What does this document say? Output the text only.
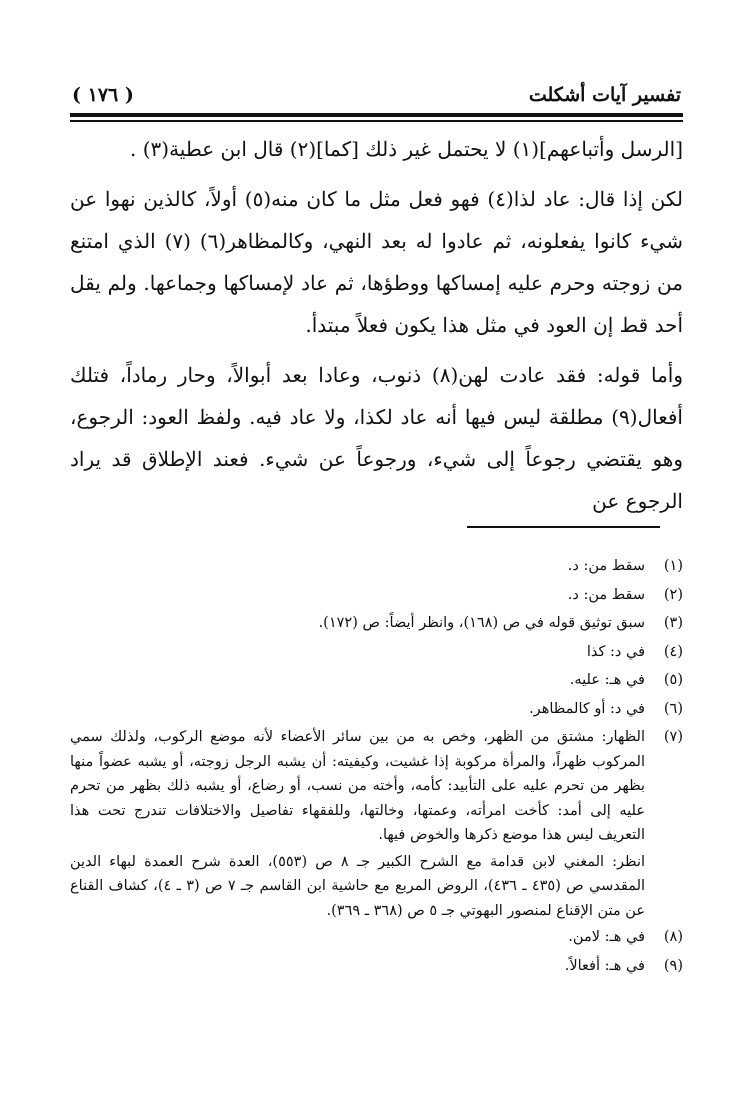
( ١٧٦ )	تفسير آيات أشكلت

[الرسل وأتباعهم](١) لا يحتمل غير ذلك [كما](٢) قال ابن عطية(٣) .

لكن إذا قال: عاد لذا(٤) فهو فعل مثل ما كان منه(٥) أولاً، كالذين نهوا عن شيء كانوا يفعلونه، ثم عادوا له بعد النهي، وكالمظاهر(٦) (٧) الذي امتنع من زوجته وحرم عليه إمساكها ووطؤها، ثم عاد لإمساكها وجماعها. ولم يقل أحد قط إن العود في مثل هذا يكون فعلاً مبتدأ.

وأما قوله: فقد عادت لهن(٨) ذنوب، وعادا بعد أبوالاً، وحار رماداً، فتلك أفعال(٩) مطلقة ليس فيها أنه عاد لكذا، ولا عاد فيه. ولفظ العود: الرجوع، وهو يقتضي رجوعاً إلى شيء، ورجوعاً عن شيء. فعند الإطلاق قد يراد الرجوع عن

(١)
سقط من: د.
(٢)
سقط من: د.
(٣)
سبق توثيق قوله في ص (١٦٨)، وانظر أيضاً: ص (١٧٢).
(٤)
في د: كذا
(٥)
في هـ: عليه.
(٦)
في د: أو كالمظاهر.
(٧)
الظهار: مشتق من الظهر، وخص به من بين سائر الأعضاء لأنه موضع الركوب، ولذلك سمي المركوب ظهراً، والمرأة مركوبة إذا غشيت، وكيفيته: أن يشبه الرجل زوجته، أو يشبه عضواً منها بظهر من تحرم عليه على التأبيد: كأمه، وأخته من نسب، أو رضاع، أو يشبه ذلك بظهر من تحرم عليه إلى أمد: كأخت امرأته، وعمتها، وخالتها، وللفقهاء تفاصيل والاختلافات تندرج تحت هذا التعريف ليس هذا موضع ذكرها والخوض فيها.
انظر: المغني لابن قدامة مع الشرح الكبير جـ ٨ ص (٥٥٣)، العدة شرح العمدة لبهاء الدين المقدسي ص (٤٣٥ ـ ٤٣٦)، الروض المربع مع حاشية ابن القاسم جـ ٧ ص (٣ ـ ٤)، كشاف القناع عن متن الإقناع لمنصور البهوتي جـ ٥ ص (٣٦٨ ـ ٣٦٩).
(٨)
في هـ: لامن.
(٩)
في هـ: أفعالاً.
